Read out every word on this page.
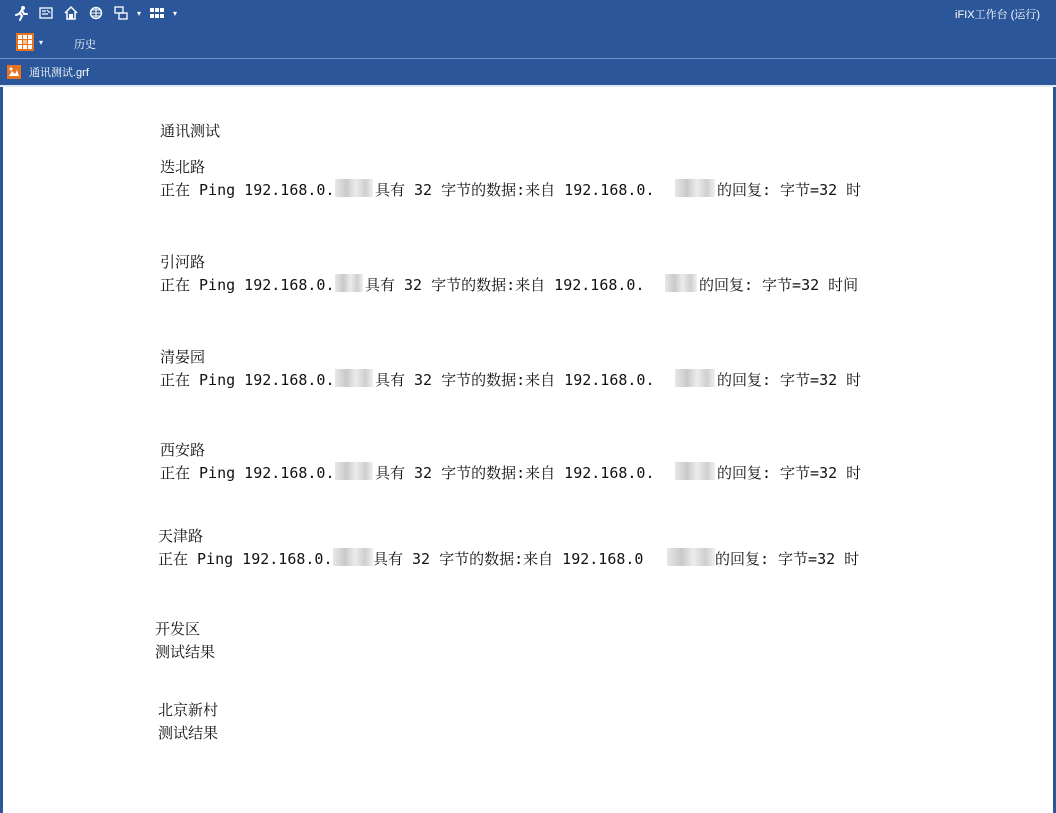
▾	▾	iFIX工作台 (运行)
▾	历史
通讯测试.grf
通讯测试
迭北路
正在 Ping 192.168.0.	具有 32 字节的数据:来自 192.168.0.	的回复: 字节=32 时
引河路
正在 Ping 192.168.0. 具有 32 字节的数据:来自 192.168.0.	的回复: 字节=32 时间
清晏园
正在 Ping 192.168.0.	具有 32 字节的数据:来自 192.168.0.	的回复: 字节=32 时
西安路
正在 Ping 192.168.0.	具有 32 字节的数据:来自 192.168.0.	的回复: 字节=32 时
天津路
正在 Ping 192.168.0.	具有 32 字节的数据:来自 192.168.0	的回复: 字节=32 时
开发区
测试结果
北京新村
测试结果
